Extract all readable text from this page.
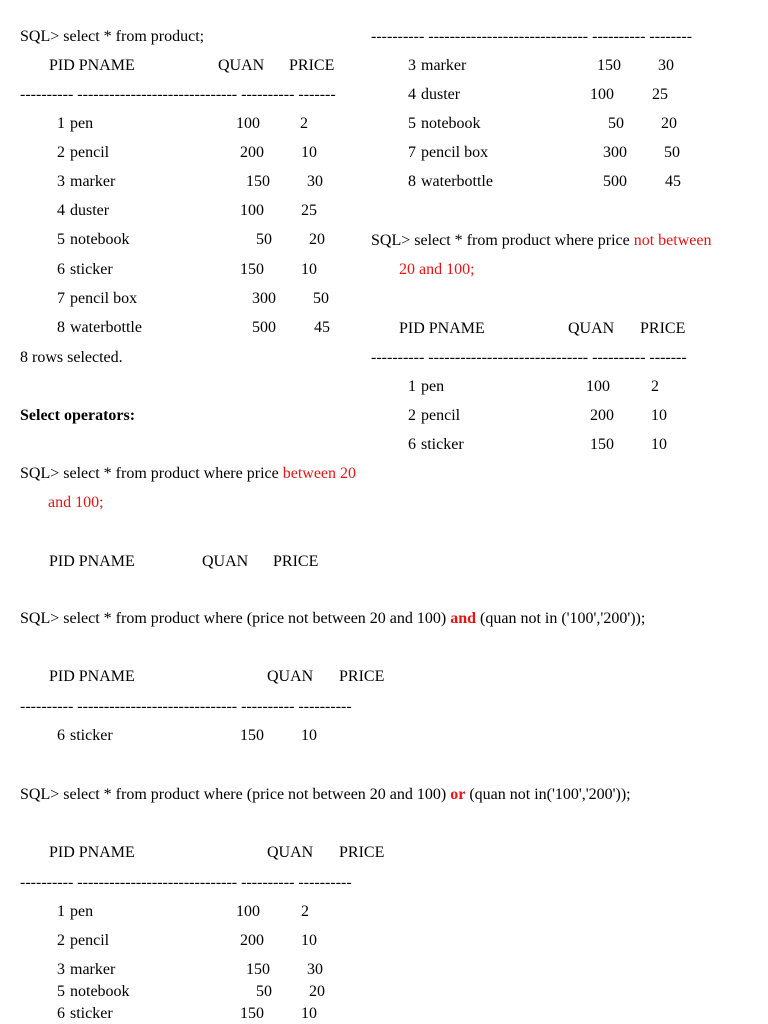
SQL> select * from product;
PID PNAME	QUAN PRICE
---------- ------------------------------ ---------- -------
1 pen	100	2
2 pencil	200 10
3 marker	150 30
4 duster	100 25
5 notebook	50 20
6 sticker	150 10
7 pencil box	300 50
8 waterbottle	500 45
8 rows selected.
Select operators:
SQL> select * from product where price between 20
and 100;
PID PNAME	QUAN PRICE
---------- ------------------------------ ---------- --------
3 marker	150 30
4 duster	100 25
5 notebook	50 20
7 pencil box	300 50
8 waterbottle	500 45
SQL> select * from product where price not between
20 and 100;
PID PNAME	QUAN PRICE
---------- ------------------------------ ---------- -------
1 pen	100	2
2 pencil	200 10
6 sticker	150 10
SQL> select * from product where (price not between 20 and 100) and (quan not in ('100','200'));
PID PNAME	QUAN PRICE
---------- ------------------------------ ---------- ----------
6 sticker	150 10
SQL> select * from product where (price not between 20 and 100) or (quan not in('100','200'));
PID PNAME	QUAN PRICE
---------- ------------------------------ ---------- ----------
1 pen	100	2
2 pencil	200 10
3 marker	150 30
5 notebook	50 20
6 sticker	150 10
